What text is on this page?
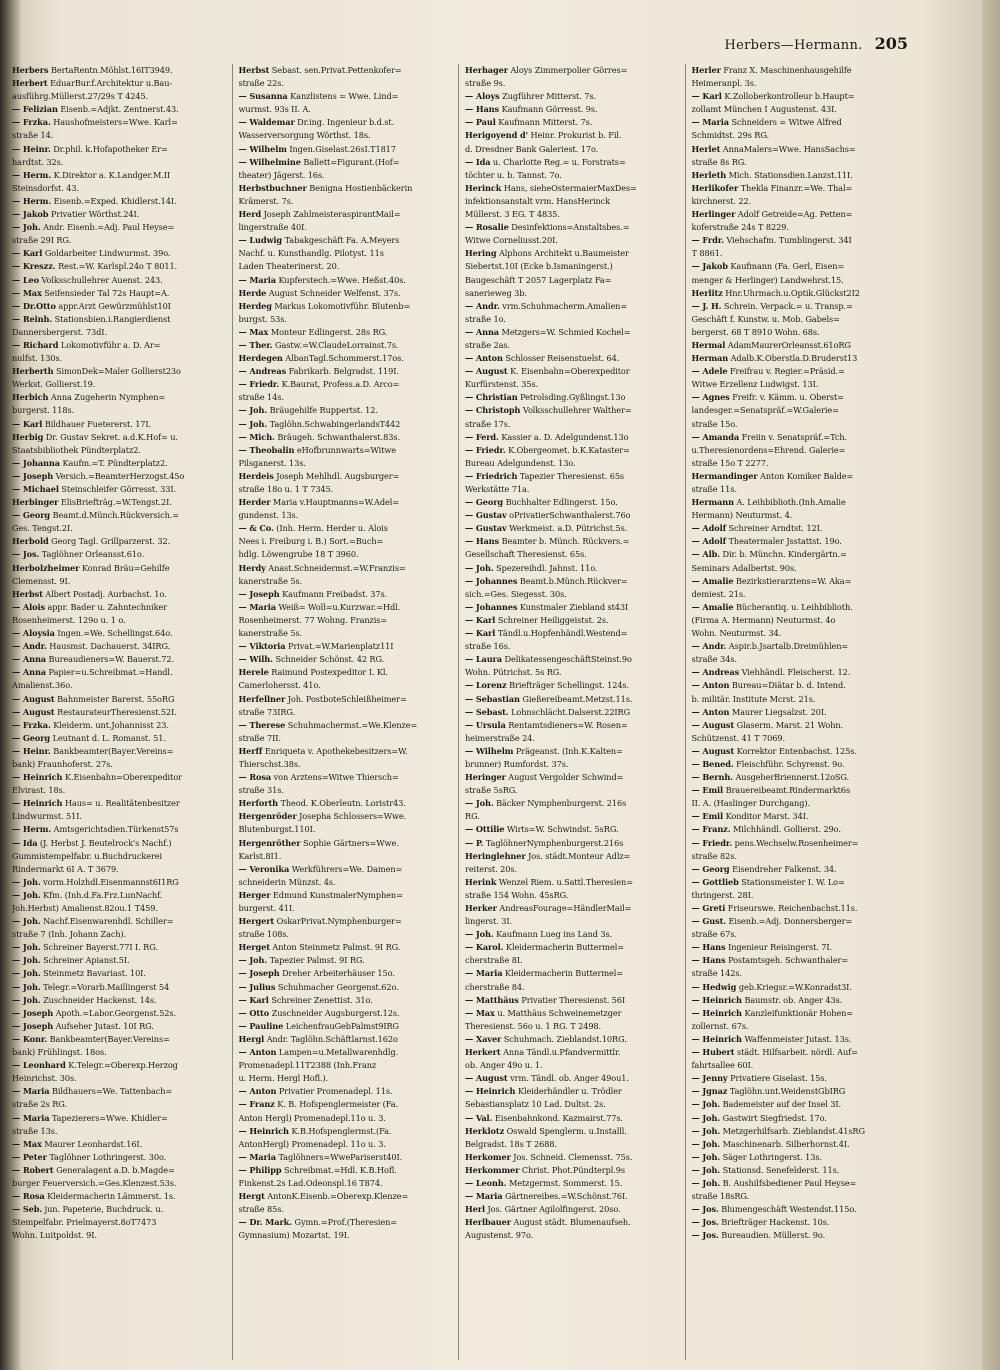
Herbers—Hermann. 205
Herbers BertaRentn.Möhlst.16IT3949.
Herbert EduarBur.f.Architektur u.Bau-
ausführg.Müllerst.27/29s T 4245.
— Felizian Eisenb.=Adjkt. Zentnerst.43.
— Frzka. Haushofmeisters=Wwe. Karl=
straße 14.
— Heinr. Dr.phil. k.Hofapotheker Er=
hardtst. 32s.
— Herm. K.Direktor a. K.Landger.M.II
Steinsdorfst. 43.
— Herm. Eisenb.=Exped. Khidlerst.14I.
— Jakob Privatier Wörthst.24I.
— Joh. Andr. Eisenb.=Adj. Paul Heyse=
straße 29I RG.
— Karl Goldarbeiter Lindwurmst. 39o.
— Kreszz. Rest.=W. Karlspl.24o T 8011.
— Leo Volksschullehrer Auenst. 243.
— Max Seifensieder Tal 72s Haupt=A.
— Dr.Otto appr.Arzt Gewürzmühlst10I
— Reinh. Stationsbien.i.Rangierdienst
Dannersbergerst. 73dI.
— Richard Lokomotivführ a. D. Ar=
nulfst. 130s.
Herberth SimonDek=Maler Gollierst23o
Werkst. Gollierst.19.
Herbich Anna Zugeherin Nymphen=
burgerst. 118s.
— Karl Bildhauer Fuetererst. 17I.
Herbig Dr. Gustav Sekret. a.d.K.Hof= u.
Staatsbibliothek Pündterplatz2.
— Johanna Kaufm.=T. Pündterplatz2.
— Joseph Versich.=BeamterHerzogst.45o
— Michael Steinschleifer Görresst. 33I.
Herbinger ElisBriefträg.=W.Tengst.2I.
— Georg Beamt.d.Münch.Rückversich.=
Ges. Tengst.2I.
Herbold Georg Tagl. Grillparzerst. 32.
— Jos. Taglöhner Orleansst.61o.
Herbolzheimer Konrad Bräu=Gehilfe
Clemensst. 9I.
Herbst Albert Postadj. Aurbachst. 1o.
— Alois appr. Bader u. Zahntechniker
Rosenheimerst. 129o u. 1 o.
— Aloysia Ingen.=We. Schellingst.64o.
— Andr. Hausmst. Dachauerst. 34IRG.
— Anna Bureaudieners=W. Bauerst.72.
— Anna Papier=u.Schreibmat.=Handl.
Amalienst.36o.
— August Bahnmeister Barerst. 55oRG
— August RestaurateurTheresienst.52I.
— Frzka. Kleiderm. unt.Johannisst 23.
— Georg Leutnant d. L. Romanst. 51.
— Heinr. Bankbeamter(Bayer.Vereins=
bank) Fraunhoferst. 27s.
— Heinrich K.Eisenbahn=Oberexpeditor
Elvirast. 18s.
— Heinrich Haus= u. Realitätenbesitzer
Lindwurmst. 51I.
— Herm. Amtsgerichtsdien.Türkenst57s
— Ida (J. Herbst J. Beutelrock's Nachf.)
Gummistempelfabr. u.Buchdruckerei
Rindermarkt 6I A. T 3679.
— Joh. vorm.Holzhdl.Eisenmannst6I1RG
— Joh. Kfm. (Inh.d.Fa.Frz.LunNachf.
Joh.Herbst) Amalienst.82ou.1 T459.
— Joh. Nachf.Eisenwarenhdl. Schiller=
straße 7 (Inh. Johann Zach).
— Joh. Schreiner Bayerst.77I I. RG.
— Joh. Schreiner Apianst.5I.
— Joh. Steinmetz Bavariast. 10I.
— Joh. Telegr.=Vorarb.Maillingerst 54
— Joh. Zuschneider Hackenst. 14s.
— Joseph Apoth.=Labor.Georgenst.52s.
— Joseph Aufseher Jutast. 10I RG.
— Konr. Bankbeamter(Bayer.Vereins=
bank) Frühlingst. 18os.
— Leonhard K.Telegr.=Oberexp.Herzog
Heinrichst. 30s.
— Maria Bildhauers=We. Tattenbach=
straße 2s RG.
— Maria Tapezierers=Wwe. Khidler=
straße 13s.
— Max Maurer Leonhardst.16I.
— Peter Taglöhner Lothringerst. 30o.
— Robert Generalagent a.D. b.Magde=
burger Feuerversich.=Ges.Klenzest.53s.
— Rosa Kleidermacherin Lämmerst. 1s.
— Seb. jun. Papeterie, Buchdruck. u.
Stempelfabr. Prielmayerst.8oT7473
Wohn. Luitpoldst. 9I.
Herbst Sebast. sen.Privat.Pettenkofer=
straße 22s.
— Susanna Kanzlistens = Wwe. Lind=
wurmst. 93s II. A.
— Waldemar Dr.ing. Ingenieur b.d.st.
Wasserversorgung Wörthst. 18s.
— Wilhelm Ingen.Giselast.26sI.T1817
— Wilhelmine Ballett=Figurant.(Hof=
theater) Jägerst. 16s.
Herbstbuchner Benigna Hostienbäckerin
Krämerst. 7s.
Herd Joseph ZahlmeisteraspirantMail=
lingerstraße 40I.
— Ludwig Tabakgeschäft Fa. A.Meyers
Nachf. u. Kunsthandlg. Pilotyst. 11s
Laden Theaterinerst. 20.
— Maria Kupferstech.=Wwe. Heßst.40s.
Herde August Schneider Welfenst. 37s.
Herdeg Markus Lokomotivführ. Blutenb=
burgst. 53s.
— Max Monteur Edlingerst. 28s RG.
— Ther. Gastw.=W.ClaudeLorrainst.7s.
Herdegen AlbanTagl.Schommerst.17os.
— Andreas Fabrikarb. Belgradst. 119I.
— Friedr. K.Baurat, Profess.a.D. Arco=
straße 14s.
— Joh. Bräugehilfe Ruppertst. 12.
— Joh. Taglöhn.SchwabingerlandsT442
— Mich. Bräugeh. Schwanthalerst.83s.
— Theobalin eHofbrunnwarts=Witwe
Pilsganerst. 13s.
Herdeis Joseph Mehlhdl. Augsburger=
straße 18o u. 1 T 7345.
Herder Maria v.Hauptmanns=W.Adel=
gundenst. 13s.
— & Co. (Inh. Herm. Herder u. Alois
Nees i. Freiburg i. B.) Sort.=Buch=
hdlg. Löwengrube 18 T 3960.
Herdy Anast.Schneidermst.=W.Franzis=
kanerstraße 5s.
— Joseph Kaufmann Freibadst. 37s.
— Maria Weiß= Woll=u.Kurzwar.=Hdl.
Rosenheimerst. 77 Wohng. Franzis=
kanerstraße 5s.
— Viktoria Privat.=W.Marienplatz11I
— Wilh. Schneider Schönst. 42 RG.
Herele Raimund Postexpeditor I. Kl.
Camerlohersst. 41o.
Herfellner Joh. PostboteSchleißheimer=
straße 73IRG.
— Therese Schuhmachermst.=We.Klenze=
straße 7II.
Herff Enriqueta v. Apothekebesitzers=W.
Thierschst.38s.
— Rosa von Arztens=Witwe Thiersch=
straße 31s.
Herforth Theod. K.Oberleutn. Loristr43.
Hergenröder Josepha Schlossers=Wwe.
Blutenburgst.110I.
Hergenröther Sophie Gärtners=Wwe.
Karlst.8I1.
— Veronika Werkführers=We. Damen=
schneiderin Münzst. 4s.
Herger Edmund KunstmalerNymphen=
burgerst. 41I.
Hergert OskarPrivat.Nymphenburger=
straße 108s.
Herget Anton Steinmetz Palmst. 9I RG.
— Joh. Tapezier Palmst. 9I RG.
— Joseph Dreher Arbeiterhäuser 15o.
— Julius Schuhmacher Georgenst.62o.
— Karl Schreiner Zenettist. 31o.
— Otto Zuschneider Augsburgerst.12s.
— Pauline LeichenfrauGebPalmst9IRG
Hergl Andr. Taglöhn.Schäftlarnst.162o
— Anton Lampen=u.Metallwarenhdlg.
Promenadepl.11T2388 (Inh.Franz
u. Herm. Hergl Hofl.).
— Anton Privatier Promenadepl. 11s.
— Franz K. B. Hofspenglermeister (Fa.
Anton Hergl) Promenadepl.11o u. 3.
— Heinrich K.B.Hofspenglermst.(Fa.
AntonHergl) Promenadepl. 11o u. 3.
— Maria Taglöhners=WwePariserst40I.
— Philipp Schreibmat.=Hdl. K.B.Hofl.
Finkenst.2s Lad.Odeonspl.16 T874.
Hergt AntonK.Eisenb.=Oberexp.Klenze=
straße 85s.
— Dr. Mark. Gymn.=Prof.(Theresien=
Gymnasium) Mozartst. 19I.
Herhager Aloys Zimmerpolier Görres=
straße 9s.
— Aloys Zugführer Mitterst. 7s.
— Hans Kaufmann Görresst. 9s.
— Paul Kaufmann Mitterst. 7s.
Herigoyend d' Heinr. Prokurist b. Fil.
d. Dresdner Bank Galeriest. 17o.
— Ida u. Charlotte Reg.= u. Forstrats=
töchter u. b. Tannst. 7o.
Herinck Hans, sieheOstermaierMaxDes=
infektionsanstalt vrm. HansHerinck
Müllerst. 3 EG. T 4835.
— Rosalie Desinfektions=Anstaltsbes.=
Witwe Corneliusst.20I.
Hering Alphons Architekt u.Baumeister
Siebertst.10I (Ecke b.Ismaningerst.)
Baugeschäft T 2057 Lagerplatz Fa=
sanerieweg 3b.
— Andr. vrm.Schuhmacherm.Amalien=
straße 1o.
— Anna Metzgers=W. Schmied Kochel=
straße 2as.
— Anton Schlosser Reisenstuelst. 64.
— August K. Eisenbahn=Oberexpeditor
Kurfürstenst. 35s.
— Christian Petrolsding.Gyßlingst.13o
— Christoph Volksschullehrer Walther=
straße 17s.
— Ferd. Kassier a. D. Adelgundenst.13o
— Friedr. K.Obergeomet. b.K.Kataster=
Bureau Adelgundenst. 13o.
— Friedrich Tapezier Theresienst. 65s
Werkstätte 71a.
— Georg Buchhalter Edlingerst. 15o.
— Gustav oPrivatierSchwanthalerst.76o
— Gustav Werkmeist. a.D. Pütrichst.5s.
— Hans Beamter b. Münch. Rückvers.=
Gesellschaft Theresienst. 65s.
— Joh. Spezereihdl. Jahnst. 11o.
— Johannes Beamt.b.Münch.Rückver=
sich.=Ges. Siegesst. 30s.
— Johannes Kunstmaler Ziebland st43I
— Karl Schreiner Heiliggeistst. 2s.
— Karl Tändl.u.Hopfenhändl.Westend=
straße 16s.
— Laura DelikatessengeschäftSteinst.9o
Wohn. Pütrichst. 5s RG.
— Lorenz Briefträger Schellingst. 124s.
— Sebastian Gießereibeamt.Metzst.11s.
— Sebast. Lohnschlächt.Dalserst.22IRG
— Ursula Rentamtsdieners=W. Rosen=
heimerstraße 24.
— Wilhelm Prägeanst. (Inh.K.Kalten=
brunner) Rumfordst. 37s.
Heringer August Vergolder Schwind=
straße 5sRG.
— Joh. Bäcker Nymphenburgerst. 216s
RG.
— Ottilie Wirts=W. Schwindst. 5sRG.
— P. TaglöhnerNymphenburgerst.216s
Heringlehner Jos. städt.Monteur Adlz=
reiterst. 20s.
Herink Wenzel Riem. u.Sattl.Theresien=
straße 154 Wohn. 45sRG.
Herker AndreasFourage=HändlerMail=
lingerst. 3I.
— Joh. Kaufmann Lueg ins Land 3s.
— Karol. Kleidermacherin Buttermel=
cherstraße 8I.
— Maria Kleidermacherin Buttermel=
cherstraße 84.
— Matthäus Privatier Theresienst. 56I
— Max u. Matthäus Schweinemetzger
Theresienst. 56o u. 1 RG. T 2498.
— Xaver Schuhmach. Zieblandst.10RG.
Herkert Anna Tändl.u.Pfandvermittlr.
ob. Anger 49o u. 1.
— August vrm. Tändl. ob. Anger 49ou1.
— Heinrich Kleiderhändler u. Trödler
Sebastiansplatz 10 Lad. Dultst. 2s.
— Val. Eisenbahnkond. Kazmairst.77s.
Herklotz Oswald Spenglerm. u.Installl.
Belgradst. 18s T 2688.
Herkomer Jos. Schneid. Clemensst. 75s.
Herkommer Christ. Phot.Pündterpl.9s
— Leonh. Metzgermst. Sommerst. 15.
— Maria Gärtnereibes.=W.Schönst.76I.
Herl Jos. Gärtner Agilolfingerst. 20so.
Herlbauer August städt. Blumenaufseh.
Augustenst. 97o.
Herler Franz X. Maschinenhausgehilfe
Heimeranpl. 3s.
— Karl K.Zolloberkontrolleur b.Haupt=
zollamt München I Augustenst. 43I.
— Maria Schneiders = Witwe Alfred
Schmidtst. 29s RG.
Herlet AnnaMalers=Wwe. HansSachs=
straße 8s RG.
Herleth Mich. Stationsdien.Lanzst.11I.
Herlikofer Thekla Finanzr.=We. Thal=
kirchnerst. 22.
Herlinger Adolf Getreide=Ag. Petten=
koferstraße 24s T 8229.
— Frdr. Viehschafm. Tumblingerst. 34I
T 8861.
— Jakob Kaufmann (Fa. Gerl, Eisen=
menger & Herlinger) Landwehrst.15.
Herlitz Hnr.Uhrmach.u.Optik.Glückst2I2
— J. H. Schrein. Verpack.= u. Transp.=
Geschäft f. Kunstw. u. Mob. Gabels=
bergerst. 68 T 8910 Wohn. 68s.
Hermal AdamMaurerOrleansst.61oRG
Herman Adalb.K.Oberstla.D.Bruderst13
— Adele Freifrau v. Regier.=Präsid.=
Witwe Erzellenz Ludwigst. 13I.
— Agnes Freifr. v. Kämm. u. Oberst=
landesger.=Senatspräf.=W.Galerie=
straße 15o.
— Amanda Freiin v. Senatspräf.=Tch.
u.Theresienordens=Ehrend. Galerie=
straße 15o T 2277.
Hermandinger Anton Komiker Balde=
straße 11s.
Hermann A. Leihbiblioth.(Inh.Amalie
Hermann) Neuturmst. 4.
— Adolf Schreiner Arndtst. 12I.
— Adolf Theatermaler Jsstattst. 19o.
— Alb. Dir. b. Münchn. Kindergärtn.=
Seminars Adalbertst. 90s.
— Amalie Bezirkstierarztens=W. Aka=
demiest. 21s.
— Amalie Bücherantiq. u. Leihbiblioth.
(Firma A. Hermann) Neuturmst. 4o
Wohn. Neuturmst. 34.
— Andr. Aspir.b.Jsartalb.Dreimühlen=
straße 34s.
— Andreas Viehhändl. Fleischerst. 12.
— Anton Bureau=Diätar b. d. Intend.
b. militär. Institute Mcrst. 21s.
— Anton Maurer Liegsalzst. 20I.
— August Glaserm. Marst. 21 Wohn.
Schützenst. 41 T 7069.
— August Korrektor Entenbachst. 125s.
— Bened. Fleischführ. Schyrenst. 9o.
— Bernh. AusgeherBriennerst.12oSG.
— Emil Brauereibeamt.Rindermarkt6s
II. A. (Haslinger Durchgang).
— Emil Konditor Marst. 34I.
— Franz. Milchhändl. Gollierst. 29o.
— Friedr. pens.Wechselw.Rosenheimer=
straße 82s.
— Georg Eisendreher Falkenst. 34.
— Gottlieb Stationsmeister I. W. Lo=
thringerst. 28I.
— Greti Friseurswe. Reichenbachst.11s.
— Gust. Eisenb.=Adj. Donnersberger=
straße 67s.
— Hans Ingenieur Reisingerst. 7I.
— Hans Postamtsgeh. Schwanthaler=
straße 142s.
— Hedwig geb.Kriegsr.=W.Konradst3I.
— Heinrich Baumstr. ob. Anger 43s.
— Heinrich Kanzleifunktionär Hohen=
zollernst. 67s.
— Heinrich Waffenmeister Jutast. 13s.
— Hubert städt. Hilfsarbeit. nördl. Auf=
fahrtsallee 60I.
— Jenny Privatiere Giselast. 15s.
— Jgnaz Taglöhn.unt.WeidenstGbIRG
— Joh. Bademeister auf der Insel 3I.
— Joh. Gastwirt Siegfriedst. 17o.
— Joh. Metzgerhilfsarb. Zieblandst.41sRG
— Joh. Maschinenarb. Silberhornst.4I.
— Joh. Säger Lothringerst. 13s.
— Joh. Stationsd. Senefelderst. 11s.
— Joh. B. Aushilfsbediener Paul Heyse=
straße 18sRG.
— Jos. Blumengeschäft Westendst.115o.
— Jos. Briefträger Hackenst. 10s.
— Jos. Bureaudien. Müllerst. 9o.
